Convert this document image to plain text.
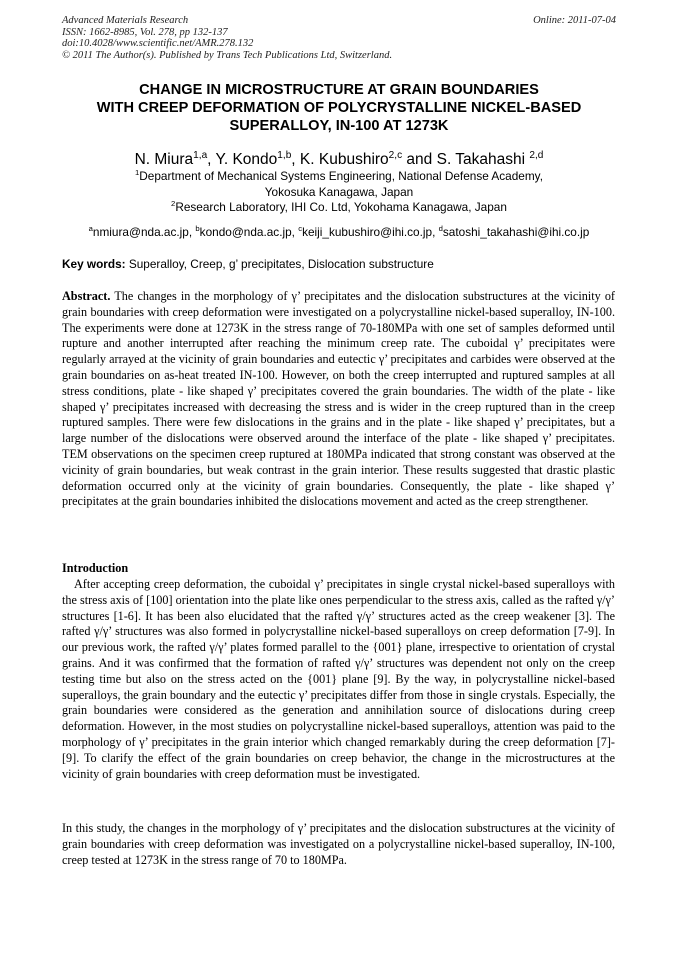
Advanced Materials Research
ISSN: 1662-8985, Vol. 278, pp 132-137
doi:10.4028/www.scientific.net/AMR.278.132
© 2011 The Author(s). Published by Trans Tech Publications Ltd, Switzerland.
Online: 2011-07-04
CHANGE IN MICROSTRUCTURE AT GRAIN BOUNDARIES
WITH CREEP DEFORMATION OF POLYCRYSTALLINE NICKEL-BASED
SUPERALLOY, IN-100 AT 1273K
N. Miura$^{1,a}$, Y. Kondo$^{1,b}$, K. Kubushiro$^{2,c}$ and S. Takahashi $^{2,d}$
$^1$Department of Mechanical Systems Engineering, National Defense Academy,
Yokosuka Kanagawa, Japan
$^2$Research Laboratory, IHI Co. Ltd, Yokohama Kanagawa, Japan
$^a$nmiura@nda.ac.jp, $^b$kondo@nda.ac.jp, $^c$keiji_kubushiro@ihi.co.jp, $^d$satoshi_takahashi@ihi.co.jp
Key words: Superalloy, Creep, g’ precipitates, Dislocation substructure
Abstract. The changes in the morphology of γ’ precipitates and the dislocation substructures at the vicinity of grain boundaries with creep deformation were investigated on a polycrystalline nickel-based superalloy, IN-100. The experiments were done at 1273K in the stress range of 70-180MPa with one set of samples deformed until rupture and another interrupted after reaching the minimum creep rate. The cuboidal γ’ precipitates were regularly arrayed at the vicinity of grain boundaries and eutectic γ’ precipitates and carbides were observed at the grain boundaries on as-heat treated IN-100. However, on both the creep interrupted and ruptured samples at all stress conditions, plate - like shaped γ’ precipitates covered the grain boundaries. The width of the plate - like shaped γ’ precipitates increased with decreasing the stress and is wider in the creep ruptured than in the creep ruptured samples. There were few dislocations in the grains and in the plate - like shaped γ’ precipitates, but a large number of the dislocations were observed around the interface of the plate - like shaped γ’ precipitates. TEM observations on the specimen creep ruptured at 180MPa indicated that strong constant was observed at the vicinity of grain boundaries, but weak contrast in the grain interior. These results suggested that drastic plastic deformation occurred only at the vicinity of grain boundaries. Consequently, the plate - like shaped γ’ precipitates at the grain boundaries inhibited the dislocations movement and acted as the creep strengthener.
Introduction
After accepting creep deformation, the cuboidal γ’ precipitates in single crystal nickel-based superalloys with the stress axis of [100] orientation into the plate like ones perpendicular to the stress axis, called as the rafted γ/γ’ structures [1-6]. It has been also elucidated that the rafted γ/γ’ structures acted as the creep weakener [3]. The rafted γ/γ’ structures was also formed in polycrystalline nickel-based superalloys on creep deformation [7-9]. In our previous work, the rafted γ/γ’ plates formed parallel to the {001} plane, irrespective to orientation of crystal grains. And it was confirmed that the formation of rafted γ/γ’ structures was dependent not only on the creep testing time but also on the stress acted on the {001} plane [9]. By the way, in polycrystalline nickel-based superalloys, the grain boundary and the eutectic γ’ precipitates differ from those in single crystals. Especially, the grain boundaries were considered as the generation and annihilation source of dislocations during creep deformation. However, in the most studies on polycrystalline nickel-based superalloys, attention was paid to the morphology of γ’ precipitates in the grain interior which changed remarkably during the creep deformation [7]-[9]. To clarify the effect of the grain boundaries on creep behavior, the change in the microstructures at the vicinity of grain boundaries with creep deformation must be investigated.
In this study, the changes in the morphology of γ’ precipitates and the dislocation substructures at the vicinity of grain boundaries with creep deformation was investigated on a polycrystalline nickel-based superalloy, IN-100, creep tested at 1273K in the stress range of 70 to 180MPa.
